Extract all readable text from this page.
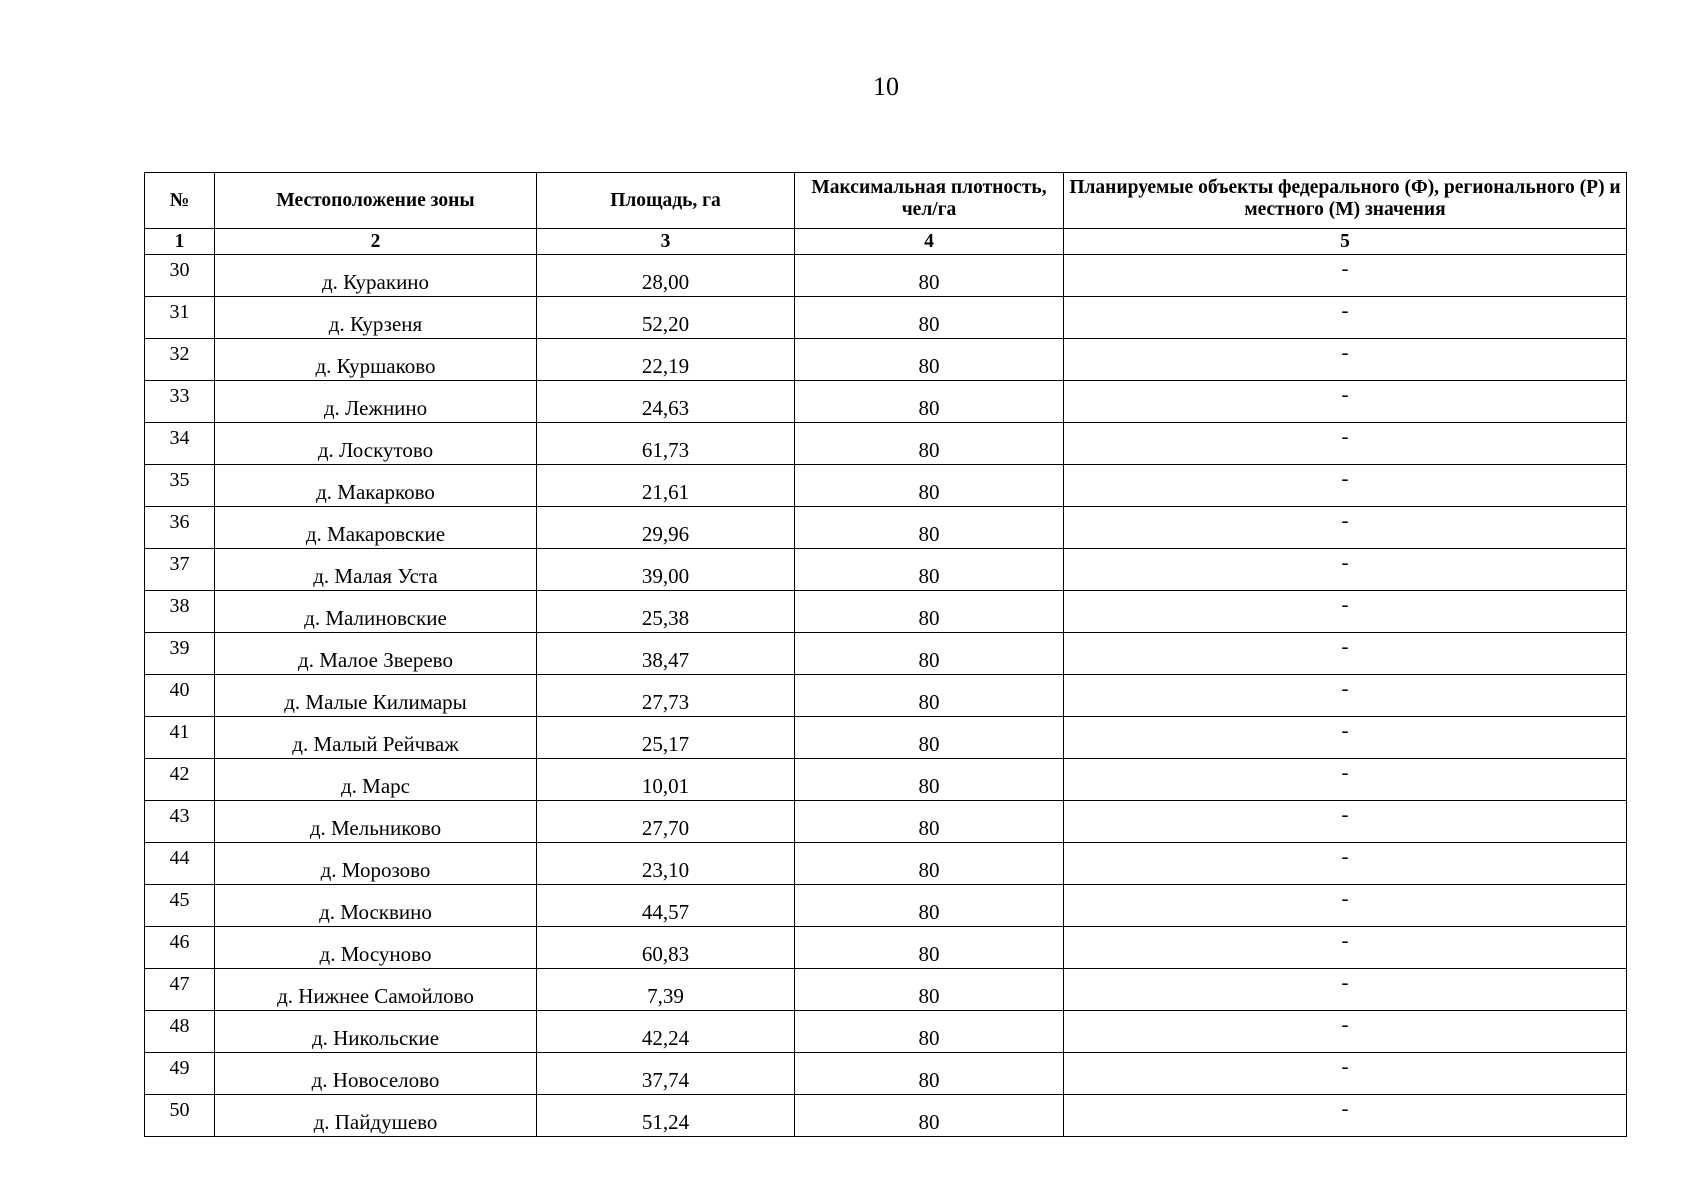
10
№	Местоположение зоны	Площадь, га	Максимальная плотность, чел/га	Планируемые объекты федерального (Ф), регионального (Р) и местного (М) значения
1	2	3	4	5
30	д. Куракино	28,00	80	-
31	д. Курзеня	52,20	80	-
32	д. Куршаково	22,19	80	-
33	д. Лежнино	24,63	80	-
34	д. Лоскутово	61,73	80	-
35	д. Макарково	21,61	80	-
36	д. Макаровские	29,96	80	-
37	д. Малая Уста	39,00	80	-
38	д. Малиновские	25,38	80	-
39	д. Малое Зверево	38,47	80	-
40	д. Малые Килимары	27,73	80	-
41	д. Малый Рейчваж	25,17	80	-
42	д. Марс	10,01	80	-
43	д. Мельниково	27,70	80	-
44	д. Морозово	23,10	80	-
45	д. Москвино	44,57	80	-
46	д. Мосуново	60,83	80	-
47	д. Нижнее Самойлово	7,39	80	-
48	д. Никольские	42,24	80	-
49	д. Новоселово	37,74	80	-
50	д. Пайдушево	51,24	80	-
